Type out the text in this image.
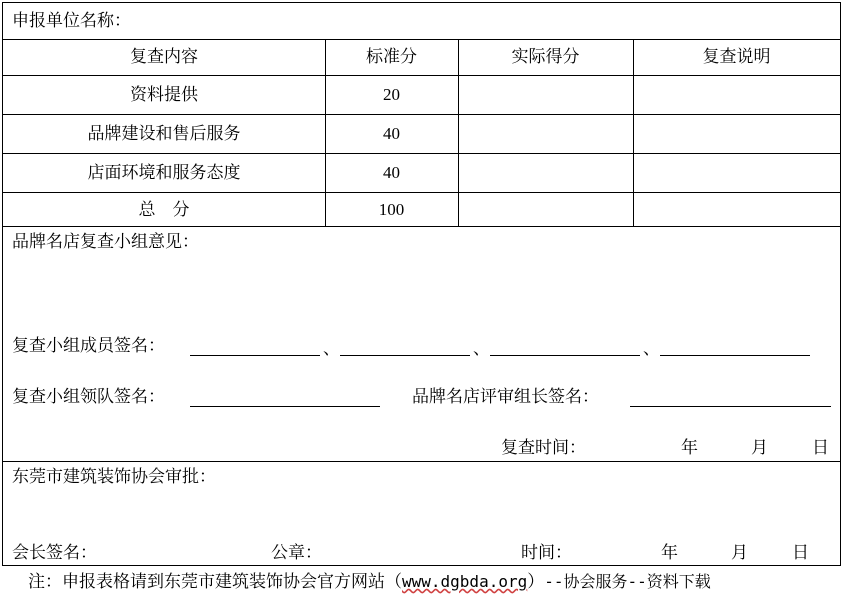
申报单位名称：
复查内容	标准分	实际得分	复查说明
资料提供	20
品牌建设和售后服务	40
店面环境和服务态度	40
总　分	100
品牌名店复查小组意见：
复查小组成员签名：	、	、	、
复查小组领队签名：	品牌名店评审组长签名：
复查时间：	年	月	日
东莞市建筑装饰协会审批：
会长签名：	公章：	时间：	年	月	日
注：申报表格请到东莞市建筑装饰协会官方网站（www.dgbda.org）--协会服务--资料下载
